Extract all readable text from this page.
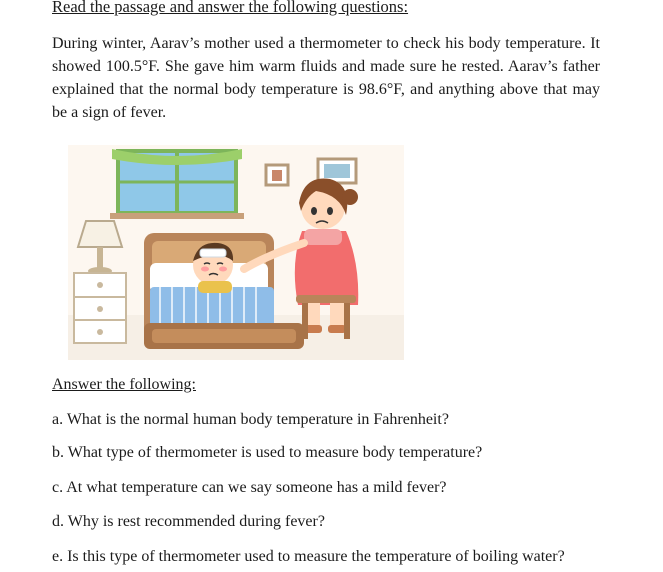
Read the passage and answer the following questions:

During winter, Aarav’s mother used a thermometer to check his body temperature. It showed 100.5°F. She gave him warm fluids and made sure he rested. Aarav’s father explained that the normal body temperature is 98.6°F, and anything above that may be a sign of fever.

Answer the following:
a. What is the normal human body temperature in Fahrenheit?
b. What type of thermometer is used to measure body temperature?
c. At what temperature can we say someone has a mild fever?
d. Why is rest recommended during fever?
e. Is this type of thermometer used to measure the temperature of boiling water?
